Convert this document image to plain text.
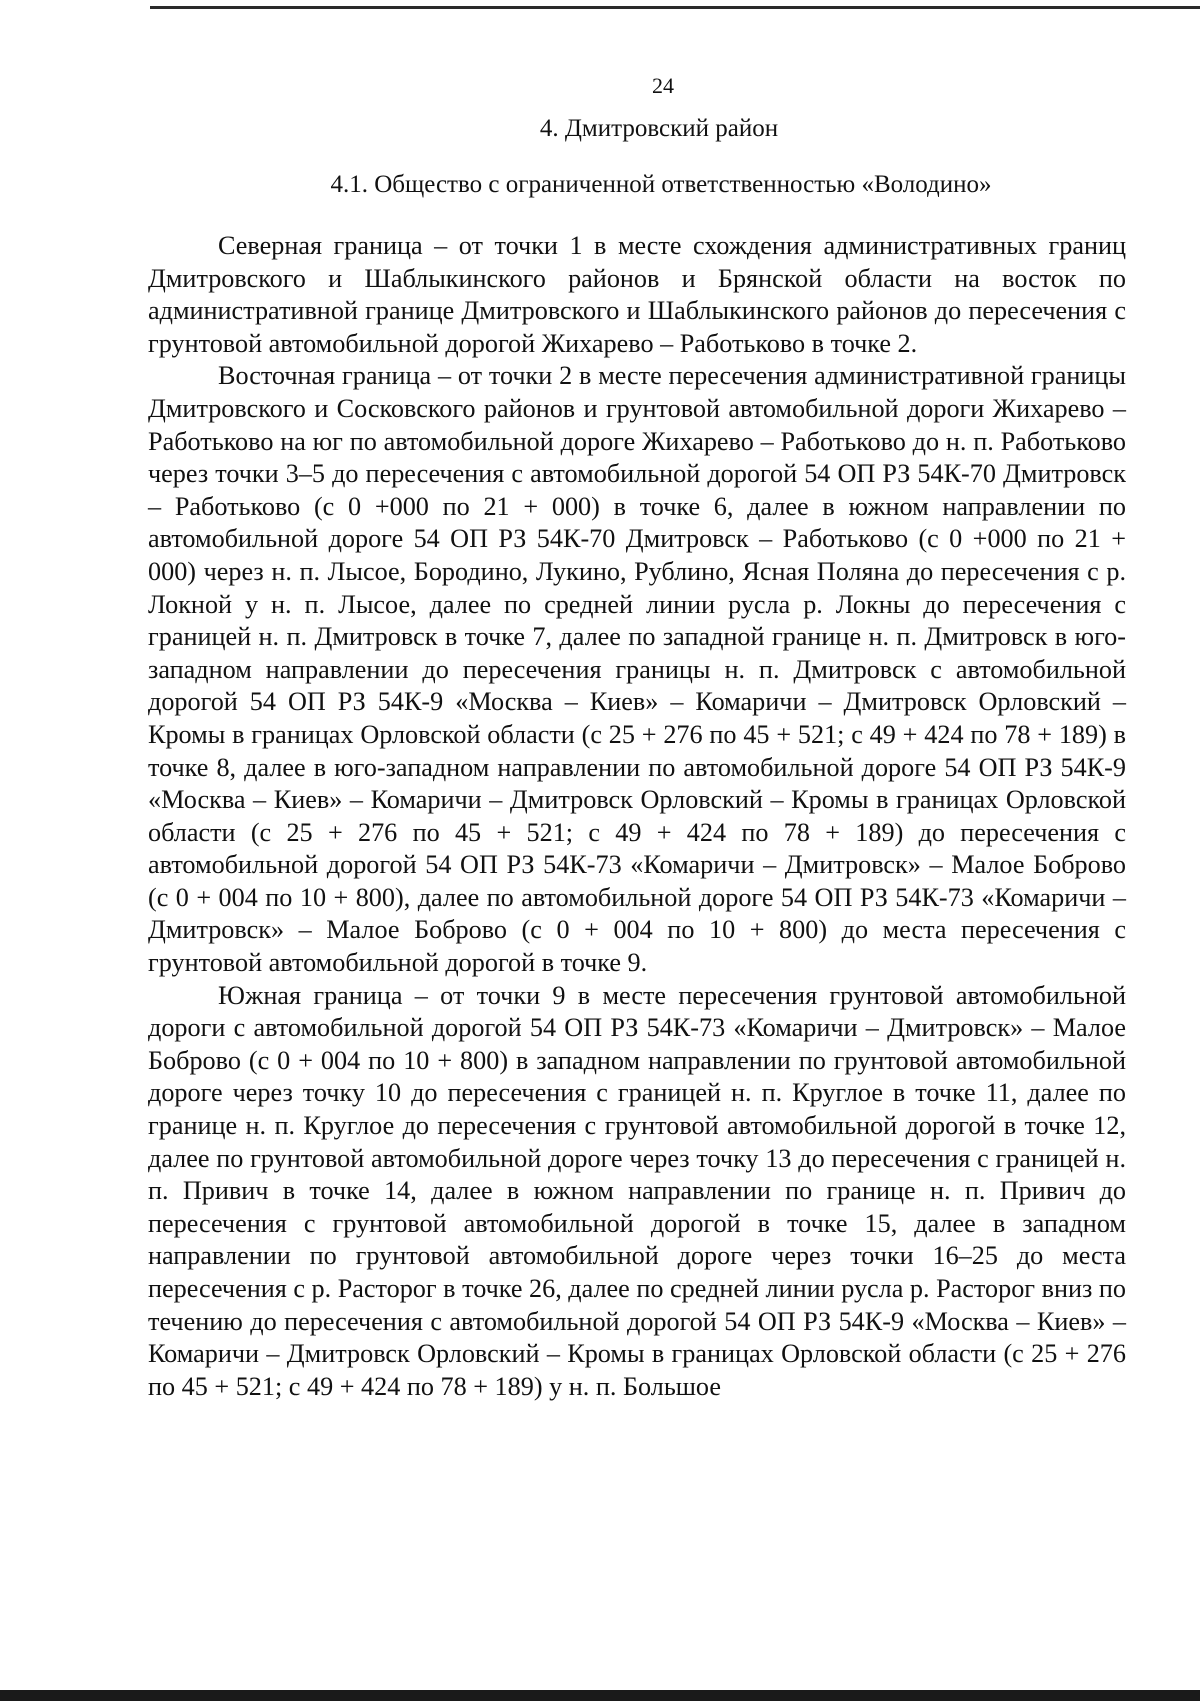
24
4. Дмитровский район
4.1. Общество с ограниченной ответственностью «Володино»

Северная граница – от точки 1 в месте схождения административных границ Дмитровского и Шаблыкинского районов и Брянской области на восток по административной границе Дмитровского и Шаблыкинского районов до пересечения с грунтовой автомобильной дорогой Жихарево – Работьково в точке 2.

Восточная граница – от точки 2 в месте пересечения административной границы Дмитровского и Сосковского районов и грунтовой автомобильной дороги Жихарево – Работьково на юг по автомобильной дороге Жихарево – Работьково до н. п. Работьково через точки 3–5 до пересечения с автомобильной дорогой 54 ОП РЗ 54К-70 Дмитровск – Работьково (с 0 +000 по 21 + 000) в точке 6, далее в южном направлении по автомобильной дороге 54 ОП РЗ 54К-70 Дмитровск – Работьково (с 0 +000 по 21 + 000) через н. п. Лысое, Бородино, Лукино, Рублино, Ясная Поляна до пересечения с р. Локной у н. п. Лысое, далее по средней линии русла р. Локны до пересечения с границей н. п. Дмитровск в точке 7, далее по западной границе н. п. Дмитровск в юго-западном направлении до пересечения границы н. п. Дмитровск с автомобильной дорогой 54 ОП РЗ 54К-9 «Москва – Киев» – Комаричи – Дмитровск Орловский – Кромы в границах Орловской области (с 25 + 276 по 45 + 521; с 49 + 424 по 78 + 189) в точке 8, далее в юго-западном направлении по автомобильной дороге 54 ОП РЗ 54К-9 «Москва – Киев» – Комаричи – Дмитровск Орловский – Кромы в границах Орловской области (с 25 + 276 по 45 + 521; с 49 + 424 по 78 + 189) до пересечения с автомобильной дорогой 54 ОП РЗ 54К-73 «Комаричи – Дмитровск» – Малое Боброво (с 0 + 004 по 10 + 800), далее по автомобильной дороге 54 ОП РЗ 54К-73 «Комаричи – Дмитровск» – Малое Боброво (с 0 + 004 по 10 + 800) до места пересечения с грунтовой автомобильной дорогой в точке 9.

Южная граница – от точки 9 в месте пересечения грунтовой автомобильной дороги с автомобильной дорогой 54 ОП РЗ 54К-73 «Комаричи – Дмитровск» – Малое Боброво (с 0 + 004 по 10 + 800) в западном направлении по грунтовой автомобильной дороге через точку 10 до пересечения с границей н. п. Круглое в точке 11, далее по границе н. п. Круглое до пересечения с грунтовой автомобильной дорогой в точке 12, далее по грунтовой автомобильной дороге через точку 13 до пересечения с границей н. п. Привич в точке 14, далее в южном направлении по границе н. п. Привич до пересечения с грунтовой автомобильной дорогой в точке 15, далее в западном направлении по грунтовой автомобильной дороге через точки 16–25 до места пересечения с р. Расторог в точке 26, далее по средней линии русла р. Расторог вниз по течению до пересечения с автомобильной дорогой 54 ОП РЗ 54К-9 «Москва – Киев» – Комаричи – Дмитровск Орловский – Кромы в границах Орловской области (с 25 + 276 по 45 + 521; с 49 + 424 по 78 + 189) у н. п. Большое
